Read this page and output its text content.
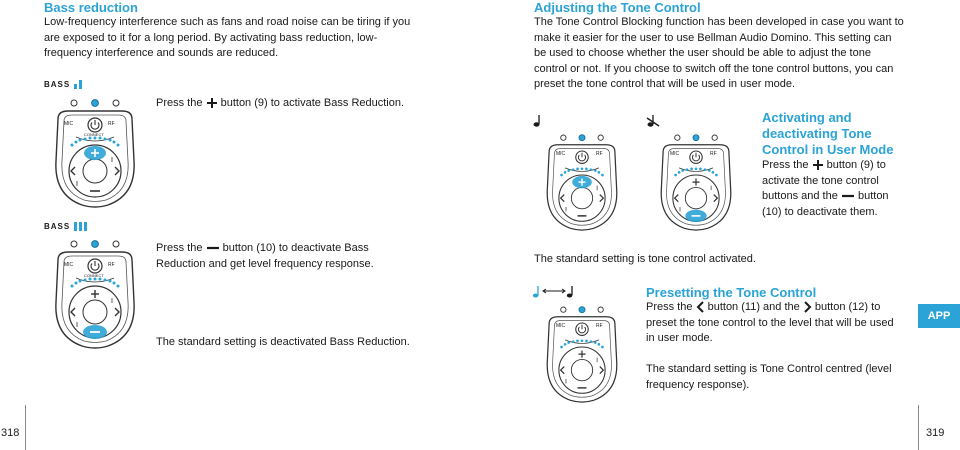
Bass reduction

Low-frequency interference such as fans and road noise can be tiring if you are exposed to it for a long period. By activating bass reduction, low-frequency interference and sounds are reduced.

BASS
MIC	RF
CONNECT

Press the button (9) to activate Bass Reduction.

BASS
MIC	RF
CONNECT

Press the button (10) to deactivate Bass Reduction and get level frequency response.

The standard setting is deactivated Bass Reduction.

318

Adjusting the Tone Control

The Tone Control Blocking function has been developed in case you want to make it easier for the user to use Bellman Audio Domino. This setting can be used to choose whether the user should be able to adjust the tone control or not. If you choose to switch off the tone control buttons, you can preset the tone control that will be used in user mode.

MIC	RF	MIC	RF

Activating and deactivating Tone Control in User Mode

Press the button (9) to activate the tone control buttons and the button (10) to deactivate them.

The standard setting is tone control activated.

MIC	RF

Presetting the Tone Control

Press the button (11) and the button (12) to preset the tone control to the level that will be used in user mode.

The standard setting is Tone Control centred (level frequency response).

APP
319
